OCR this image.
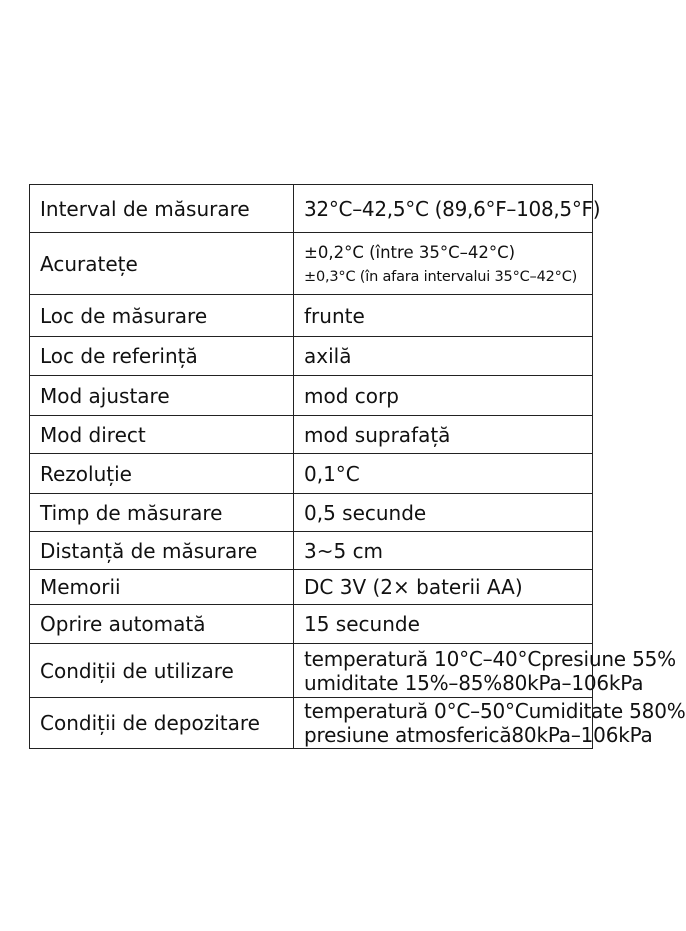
Interval de măsurare	32°C–42,5°C (89,6°F–108,5°F)
Acuratețe	±0,2°C (între 35°C–42°C)
±0,3°C (în afara intervalui 35°C–42°C)

Loc de măsurare	frunte
Loc de referință	axilă
Mod ajustare	mod corp
Mod direct	mod suprafață
Rezoluție	0,1°C
Timp de măsurare	0,5 secunde
Distanță de măsurare	3~5 cm
Memorii	DC 3V (2× baterii AA)
Oprire automată	15 secunde
Condiții de utilizare	temperatură 10°C–40°C presiune 55%
umiditate 15%–85% 80kPa–106kPa

Condiții de depozitare	temperatură 0°C–50°C umiditate 580%
presiune atmosferică 80kPa–106kPa
